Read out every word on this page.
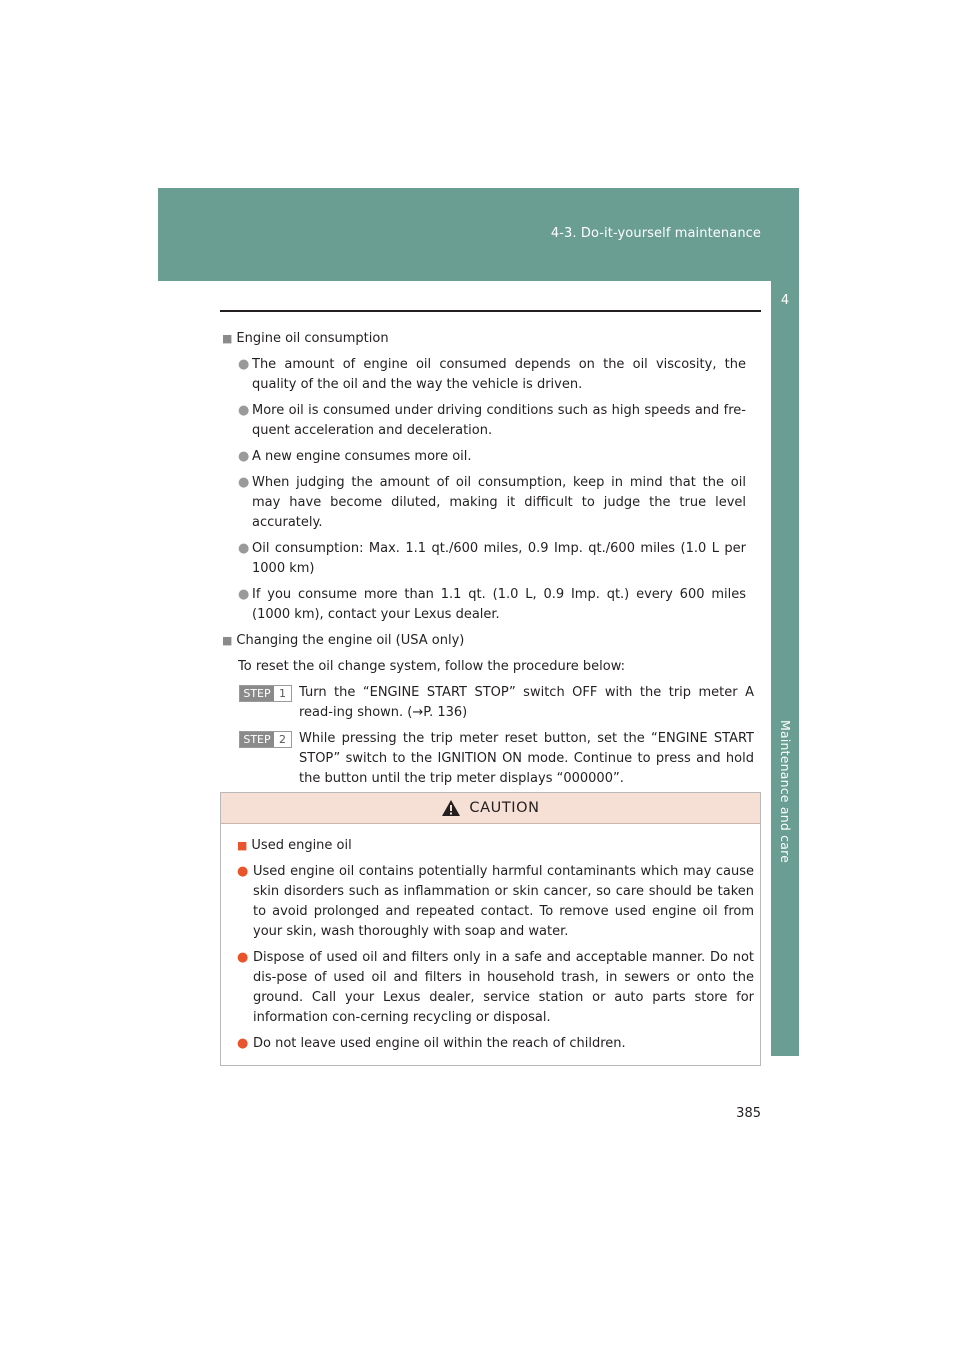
4-3. Do-it-yourself maintenance
4
Maintenance and care
■ Engine oil consumption
● The amount of engine oil consumed depends on the oil viscosity, the quality of the oil and the way the vehicle is driven.
● More oil is consumed under driving conditions such as high speeds and fre-quent acceleration and deceleration.
● A new engine consumes more oil.
● When judging the amount of oil consumption, keep in mind that the oil may have become diluted, making it difficult to judge the true level accurately.
● Oil consumption: Max. 1.1 qt./600 miles, 0.9 Imp. qt./600 miles (1.0 L per 1000 km)
● If you consume more than 1.1 qt. (1.0 L, 0.9 Imp. qt.) every 600 miles (1000 km), contact your Lexus dealer.
■ Changing the engine oil (USA only)
To reset the oil change system, follow the procedure below:
STEP 1	Turn the “ENGINE START STOP” switch OFF with the trip meter A read-ing shown. (→P. 136)
STEP 2	While pressing the trip meter reset button, set the “ENGINE START STOP” switch to the IGNITION ON mode. Continue to press and hold the button until the trip meter displays “000000”.
CAUTION
■ Used engine oil
● Used engine oil contains potentially harmful contaminants which may cause skin disorders such as inflammation or skin cancer, so care should be taken to avoid prolonged and repeated contact. To remove used engine oil from your skin, wash thoroughly with soap and water.
● Dispose of used oil and filters only in a safe and acceptable manner. Do not dis-pose of used oil and filters in household trash, in sewers or onto the ground. Call your Lexus dealer, service station or auto parts store for information con-cerning recycling or disposal.
● Do not leave used engine oil within the reach of children.
385
